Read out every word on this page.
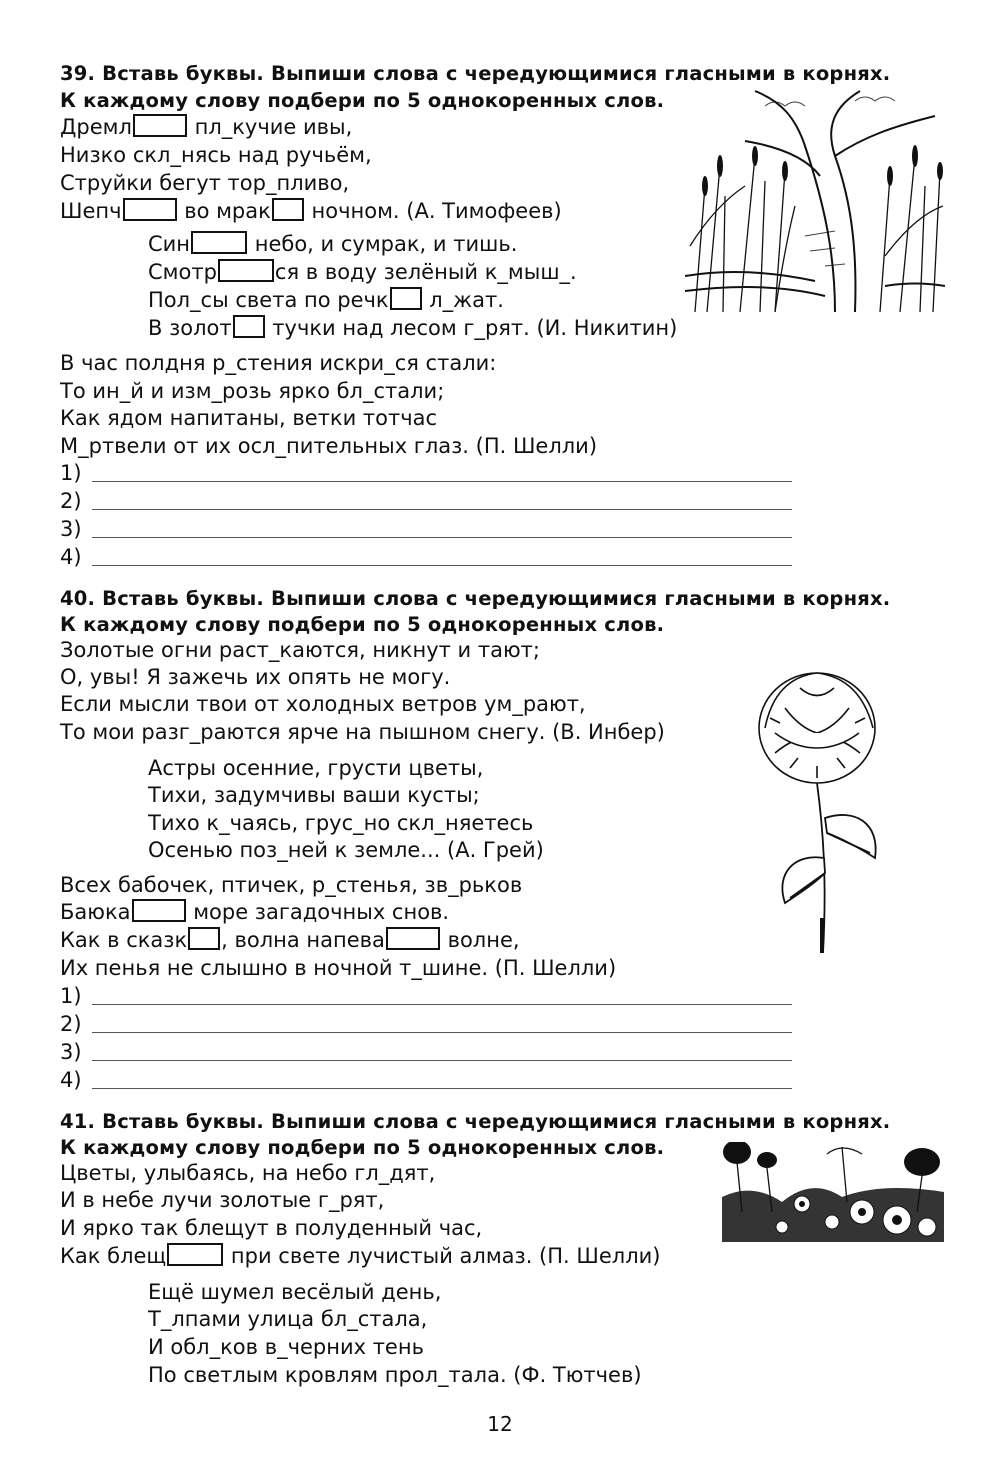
39. Вставь буквы. Выпиши слова с чередующимися гласными в корнях.
К каждому слову подбери по 5 однокоренных слов.
Дремл	пл_кучие ивы,
Низко скл_нясь над ручьём,
Струйки бегут тор_пливо,
Шепч	во мрак ночном. (А. Тимофеев)
Син	небо, и сумрак, и тишь.
Смотр	ся в воду зелёный к_мыш_.
Пол_сы света по речк л_жат.
В золот тучки над лесом г_рят. (И. Никитин)
В час полдня р_стения искри_ся стали:
То ин_й и изм_розь ярко бл_стали;
Как ядом напитаны, ветки тотчас
М_ртвели от их осл_пительных глаз. (П. Шелли)
1)
2)
3)
4)
40. Вставь буквы. Выпиши слова с чередующимися гласными в корнях.
К каждому слову подбери по 5 однокоренных слов.
Золотые огни раст_каются, никнут и тают;
О, увы! Я зажечь их опять не могу.
Если мысли твои от холодных ветров ум_рают,
То мои разг_раются ярче на пышном снегу. (В. Инбер)
Астры осенние, грусти цветы,
Тихи, задумчивы ваши кусты;
Тихо к_чаясь, грус_но скл_няетесь
Осенью поз_ней к земле... (А. Грей)
Всех бабочек, птичек, р_стенья, зв_рьков
Баюка	море загадочных снов.
Как в сказк , волна напева	волне,
Их пенья не слышно в ночной т_шине. (П. Шелли)
1)
2)
3)
4)
41. Вставь буквы. Выпиши слова с чередующимися гласными в корнях.
К каждому слову подбери по 5 однокоренных слов.
Цветы, улыбаясь, на небо гл_дят,
И в небе лучи золотые г_рят,
И ярко так блещут в полуденный час,
Как блещ	при свете лучистый алмаз. (П. Шелли)
Ещё шумел весёлый день,
Т_лпами улица бл_стала,
И обл_ков в_черних тень
По светлым кровлям прол_тала. (Ф. Тютчев)
12
